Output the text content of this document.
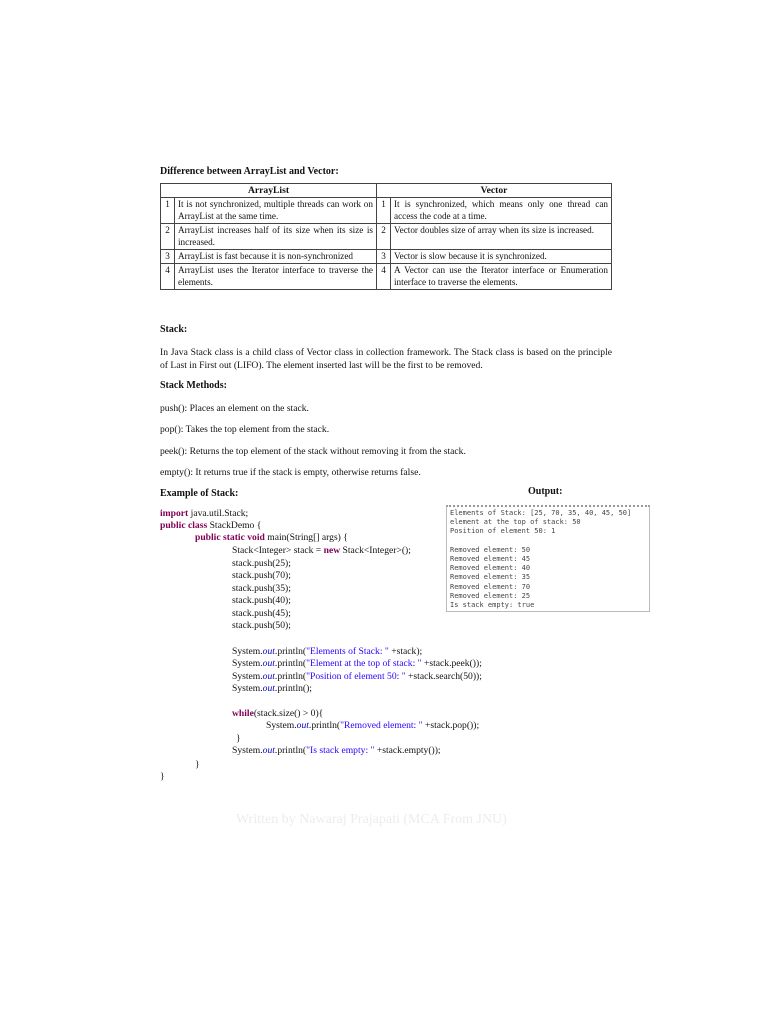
Difference between ArrayList and Vector:
ArrayList		Vector	
1	It is not synchronized, multiple threads can work on ArrayList at the same time.	1	It is synchronized, which means only one thread can access the code at a time.
2	ArrayList increases half of its size when its size is increased.	2	Vector doubles size of array when its size is increased.
3	ArrayList is fast because it is non-synchronized	3	Vector is slow because it is synchronized.
4	ArrayList uses the Iterator interface to traverse the elements.	4	A Vector can use the Iterator interface or Enumeration interface to traverse the elements.
Stack:
In Java Stack class is a child class of Vector class in collection framework. The Stack class is based on the principle of Last in First out (LIFO). The element inserted last will be the first to be removed.
Stack Methods:
push(): Places an element on the stack.
pop(): Takes the top element from the stack.
peek(): Returns the top element of the stack without removing it from the stack.
empty(): It returns true if the stack is empty, otherwise returns false.
Example of Stack:	Output:
import java.util.Stack;
public class StackDemo {
public static void main(String[] args) {
Stack<Integer> stack = new Stack<Integer>();
stack.push(25);
stack.push(70);
stack.push(35);
stack.push(40);
stack.push(45);
stack.push(50);
System.out.println("Elements of Stack: " +stack);
System.out.println("Element at the top of stack: " +stack.peek());
System.out.println("Position of element 50: " +stack.search(50));
System.out.println();
while(stack.size() > 0){
System.out.println("Removed element: " +stack.pop());
}
System.out.println("Is stack empty: " +stack.empty());
}
}
Elements of Stack: [25, 70, 35, 40, 45, 50]
element at the top of stack: 50
Position of element 50: 1

Removed element: 50
Removed element: 45
Removed element: 40
Removed element: 35
Removed element: 70
Removed element: 25
Is stack empty: true
Written by Nawaraj Prajapati (MCA From JNU)
